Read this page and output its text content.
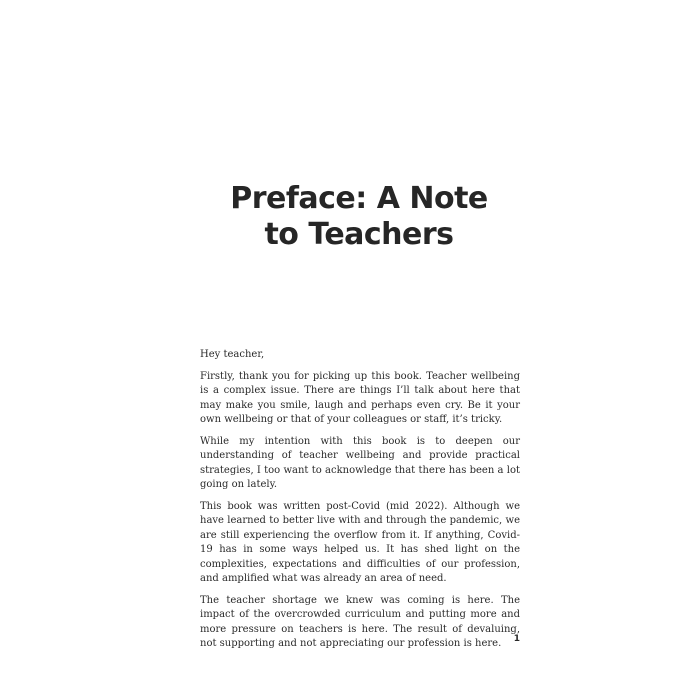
Preface: A Note
to Teachers

Hey teacher,

Firstly, thank you for picking up this book. Teacher wellbeing is a complex issue. There are things I’ll talk about here that may make you smile, laugh and perhaps even cry. Be it your own wellbeing or that of your colleagues or staff, it’s tricky.

While my intention with this book is to deepen our understanding of teacher wellbeing and provide practical strategies, I too want to acknowledge that there has been a lot going on lately.

This book was written post-Covid (mid 2022). Although we have learned to better live with and through the pandemic, we are still experiencing the overflow from it. If anything, Covid-19 has in some ways helped us. It has shed light on the complexities, expectations and difficulties of our profession, and amplified what was already an area of need.

The teacher shortage we knew was coming is here. The impact of the overcrowded curriculum and putting more and more pressure on teachers is here. The result of devaluing, not supporting and not appreciating our profession is here.	1
